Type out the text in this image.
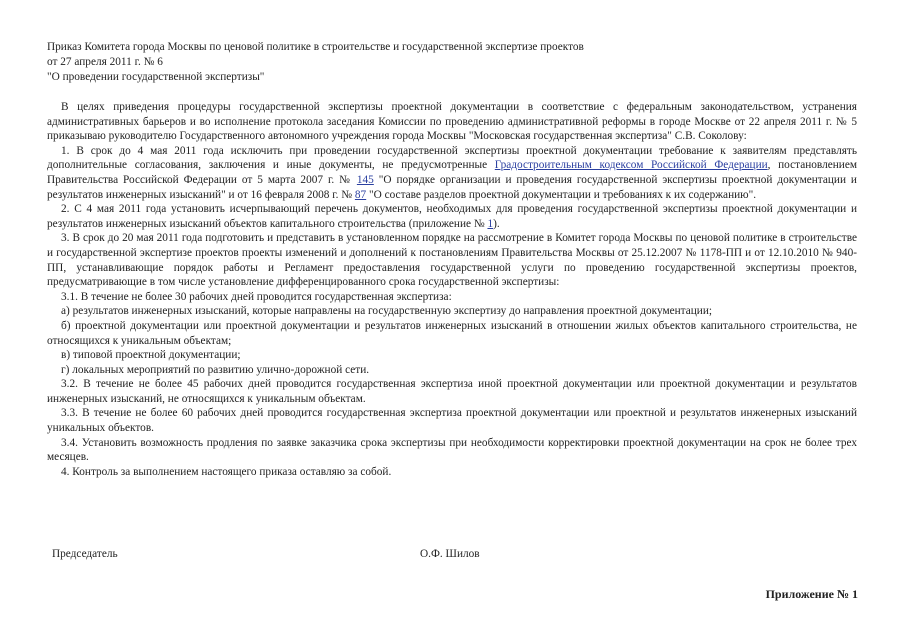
Приказ Комитета города Москвы по ценовой политике в строительстве и государственной экспертизе проектов
от 27 апреля 2011 г. № 6
"О проведении государственной экспертизы"

В целях приведения процедуры государственной экспертизы проектной документации в соответствие с федеральным законодательством, устранения административных барьеров и во исполнение протокола заседания Комиссии по проведению административной реформы в городе Москве от 22 апреля 2011 г. № 5 приказываю руководителю Государственного автономного учреждения города Москвы "Московская государственная экспертиза" С.В. Соколову:

1. В срок до 4 мая 2011 года исключить при проведении государственной экспертизы проектной документации требование к заявителям представлять дополнительные согласования, заключения и иные документы, не предусмотренные Градостроительным кодексом Российской Федерации, постановлением Правительства Российской Федерации от 5 марта 2007 г. № 145 "О порядке организации и проведения государственной экспертизы проектной документации и результатов инженерных изысканий" и от 16 февраля 2008 г. № 87 "О составе разделов проектной документации и требованиях к их содержанию".

2. С 4 мая 2011 года установить исчерпывающий перечень документов, необходимых для проведения государственной экспертизы проектной документации и результатов инженерных изысканий объектов капитального строительства (приложение № 1).

3. В срок до 20 мая 2011 года подготовить и представить в установленном порядке на рассмотрение в Комитет города Москвы по ценовой политике в строительстве и государственной экспертизе проектов проекты изменений и дополнений к постановлениям Правительства Москвы от 25.12.2007 № 1178-ПП и от 12.10.2010 № 940-ПП, устанавливающие порядок работы и Регламент предоставления государственной услуги по проведению государственной экспертизы проектов, предусматривающие в том числе установление дифференцированного срока государственной экспертизы:

3.1. В течение не более 30 рабочих дней проводится государственная экспертиза:

а) результатов инженерных изысканий, которые направлены на государственную экспертизу до направления проектной документации;

б) проектной документации или проектной документации и результатов инженерных изысканий в отношении жилых объектов капитального строительства, не относящихся к уникальным объектам;

в) типовой проектной документации;

г) локальных мероприятий по развитию улично-дорожной сети.

3.2. В течение не более 45 рабочих дней проводится государственная экспертиза иной проектной документации или проектной документации и результатов инженерных изысканий, не относящихся к уникальным объектам.

3.3. В течение не более 60 рабочих дней проводится государственная экспертиза проектной документации или проектной и результатов инженерных изысканий уникальных объектов.

3.4. Установить возможность продления по заявке заказчика срока экспертизы при необходимости корректировки проектной документации на срок не более трех месяцев.

4. Контроль за выполнением настоящего приказа оставляю за собой.

Председатель	О.Ф. Шилов
Приложение № 1
